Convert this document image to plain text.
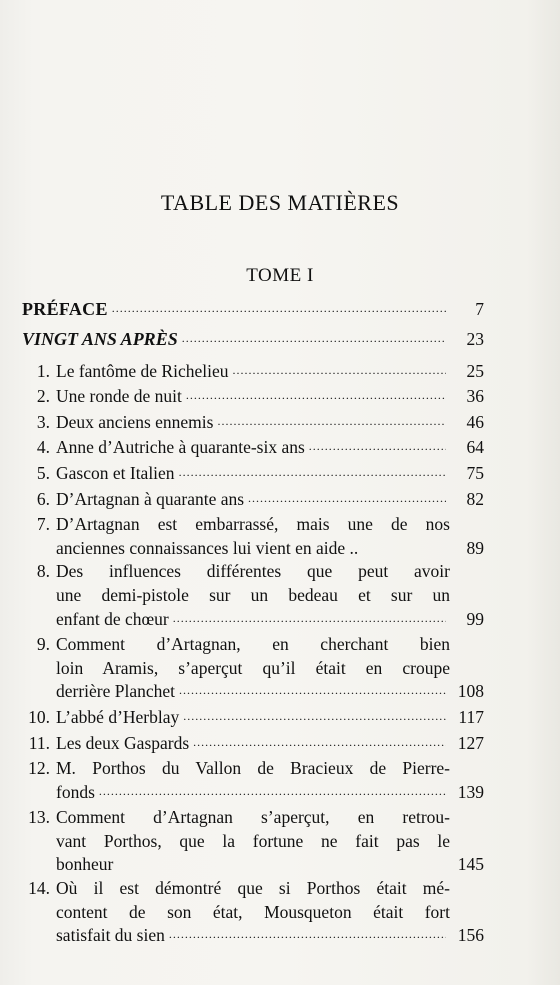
TABLE DES MATIÈRES
TOME I
PRÉFACE . . .	7
VINGT ANS APRÈS . . .	23
1. Le fantôme de Richelieu . . .	25
2. Une ronde de nuit . . .	36
3. Deux anciens ennemis . . .	46
4. Anne d’Autriche à quarante-six ans . . .	64
5. Gascon et Italien . . .	75
6. D’Artagnan à quarante ans . . .	82
7. D’Artagnan est embarrassé, mais une de nos
anciennes connaissances lui vient en aide ..	89
8. Des influences différentes que peut avoir
une demi-pistole sur un bedeau et sur un
enfant de chœur . . .	99
9. Comment d’Artagnan, en cherchant bien
loin Aramis, s’aperçut qu’il était en croupe
derrière Planchet . . .	108
10. L’abbé d’Herblay . . .	117
11. Les deux Gaspards . . .	127
12. M. Porthos du Vallon de Bracieux de Pierre-
fonds . . .	139
13. Comment d’Artagnan s’aperçut, en retrou-
vant Porthos, que la fortune ne fait pas le
bonheur	145
14. Où il est démontré que si Porthos était mé-
content de son état, Mousqueton était fort
satisfait du sien . . .	156
